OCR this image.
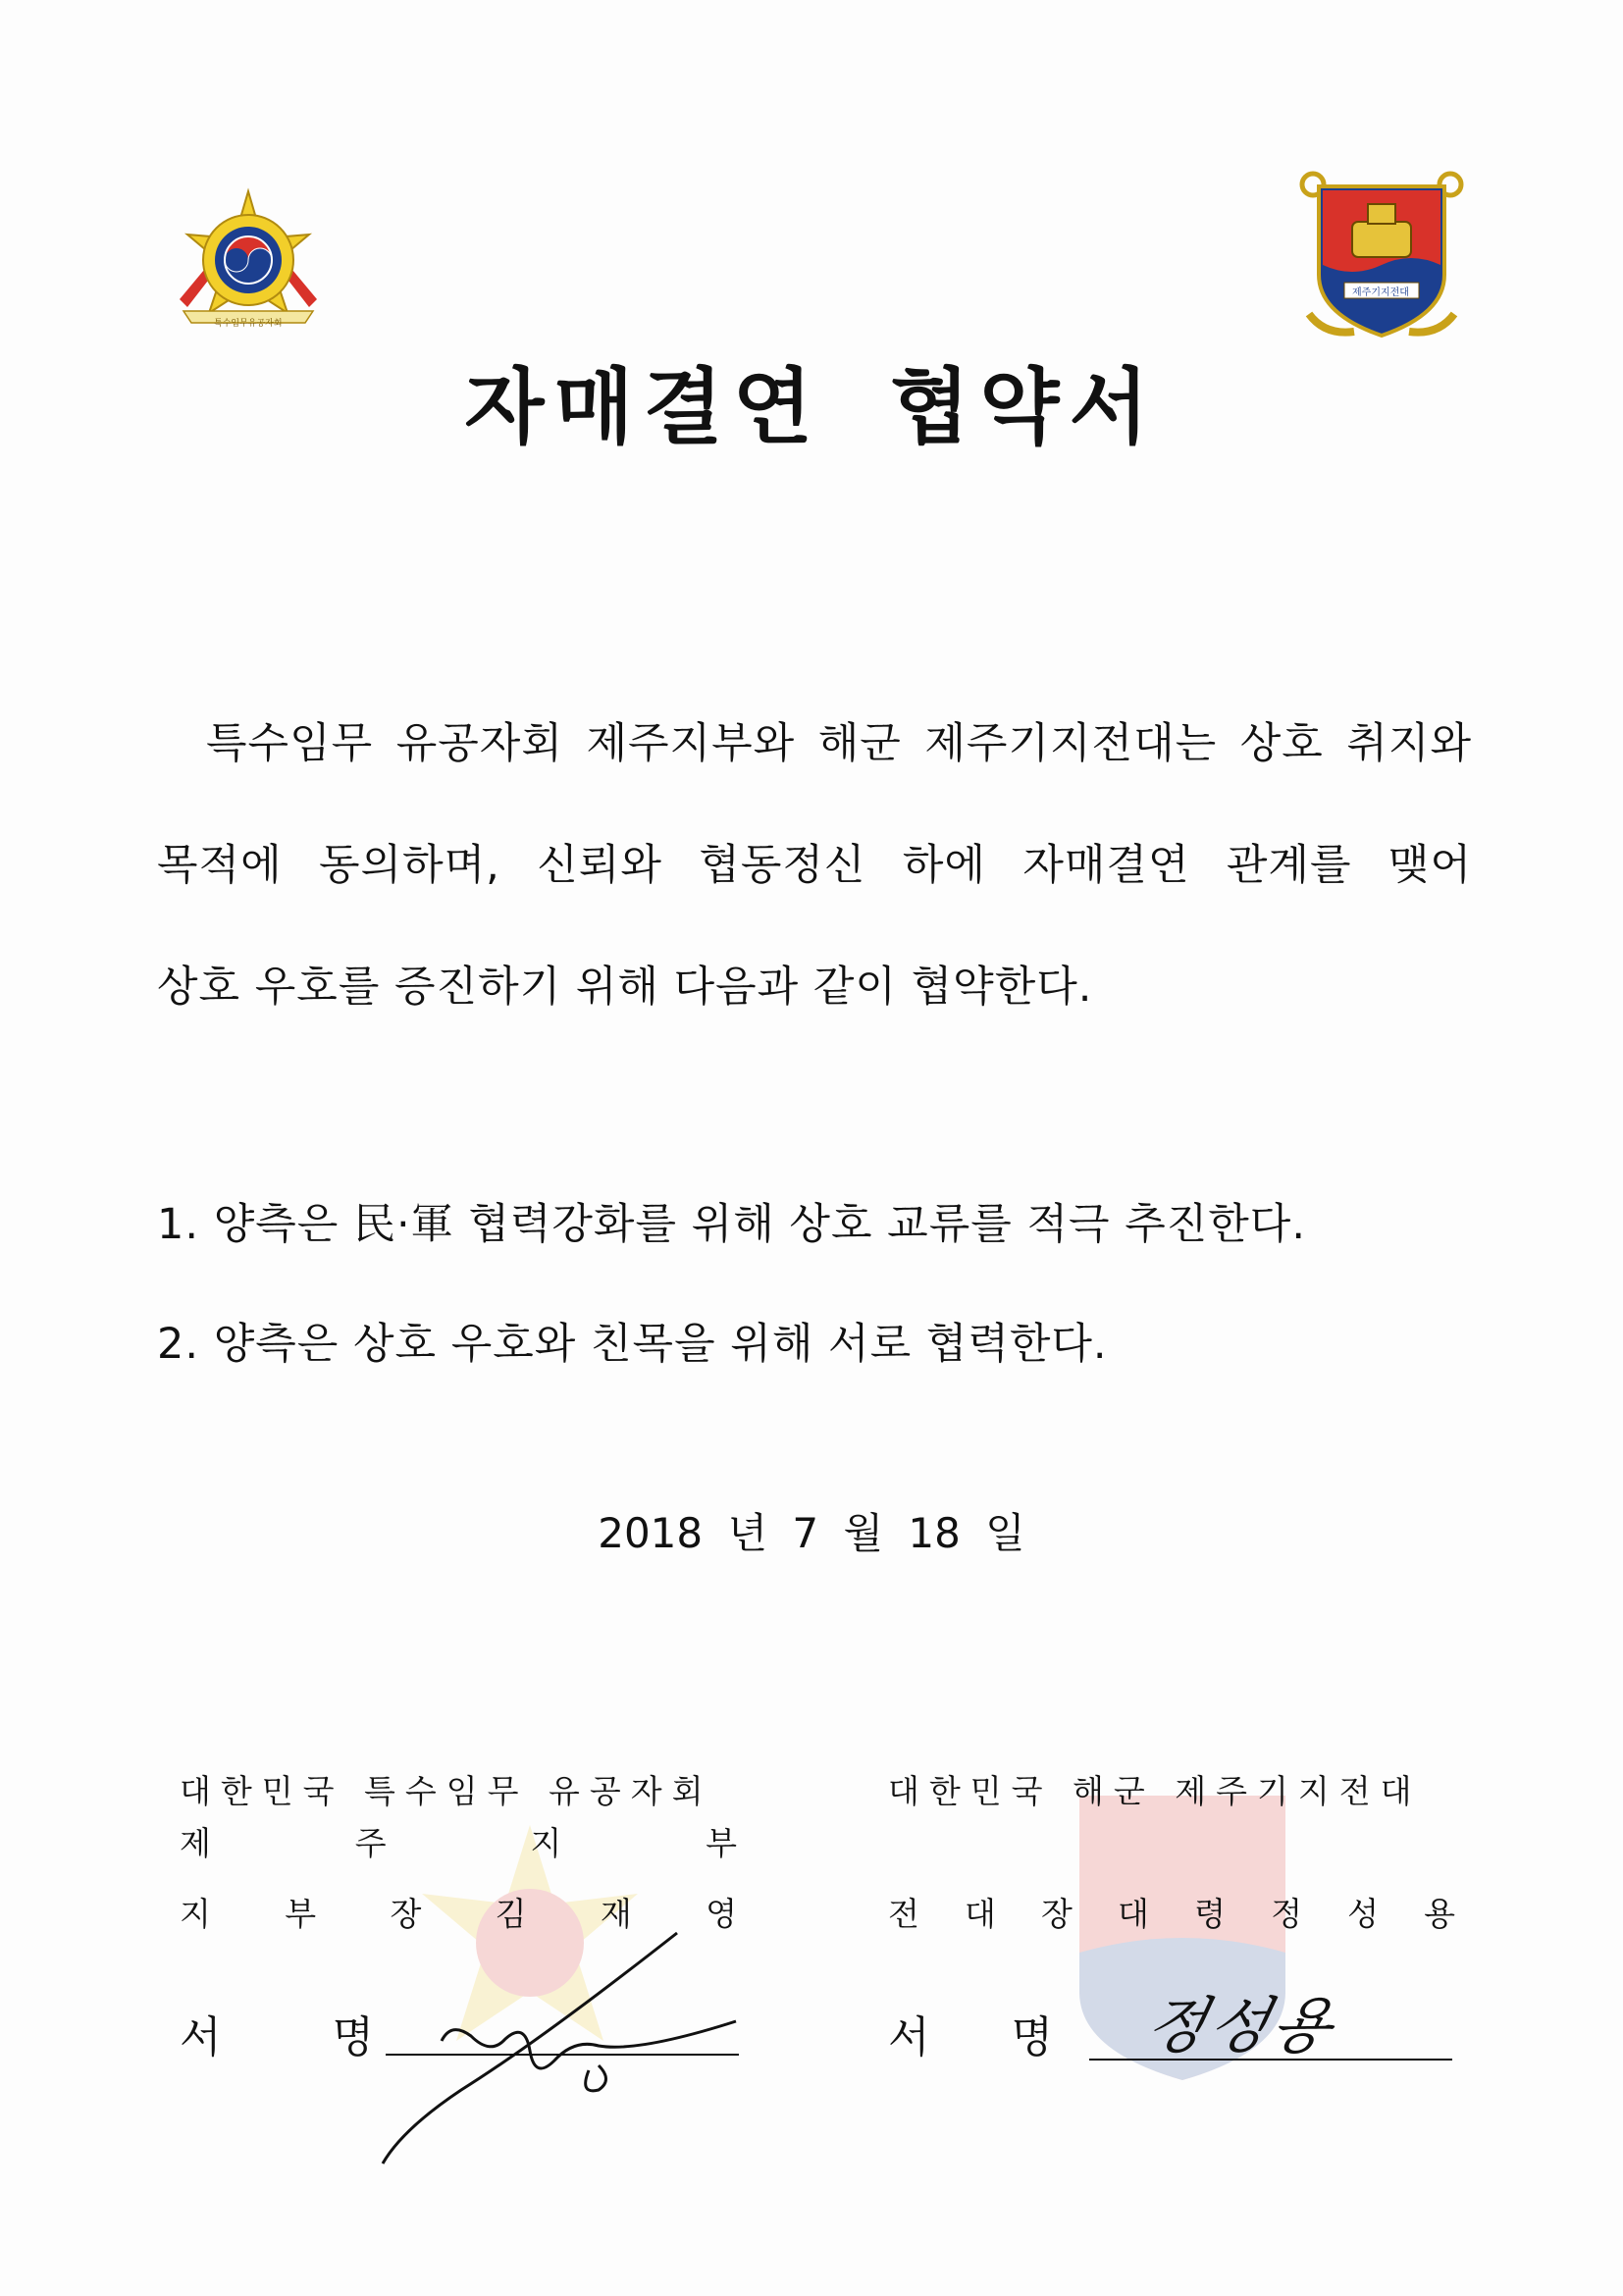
특수임무유공자회
제주기지전대
자매결연 협약서
특수임무 유공자회 제주지부와 해군 제주기지전대는 상호 취지와
목적에 동의하며, 신뢰와 협동정신 하에 자매결연 관계를 맺어
상호 우호를 증진하기 위해 다음과 같이 협약한다.
1. 양측은 民·軍 협력강화를 위해 상호 교류를 적극 추진한다.
2. 양측은 상호 우호와 친목을 위해 서로 협력한다.
2018 년 7 월 18 일
대한민국 특수임무 유공자회
제	주	지	부
지 부 장 김 재 영
서	명
대한민국 해군 제주기지전대
전 대 장 대 령 정 성 용
서 명 정성용
